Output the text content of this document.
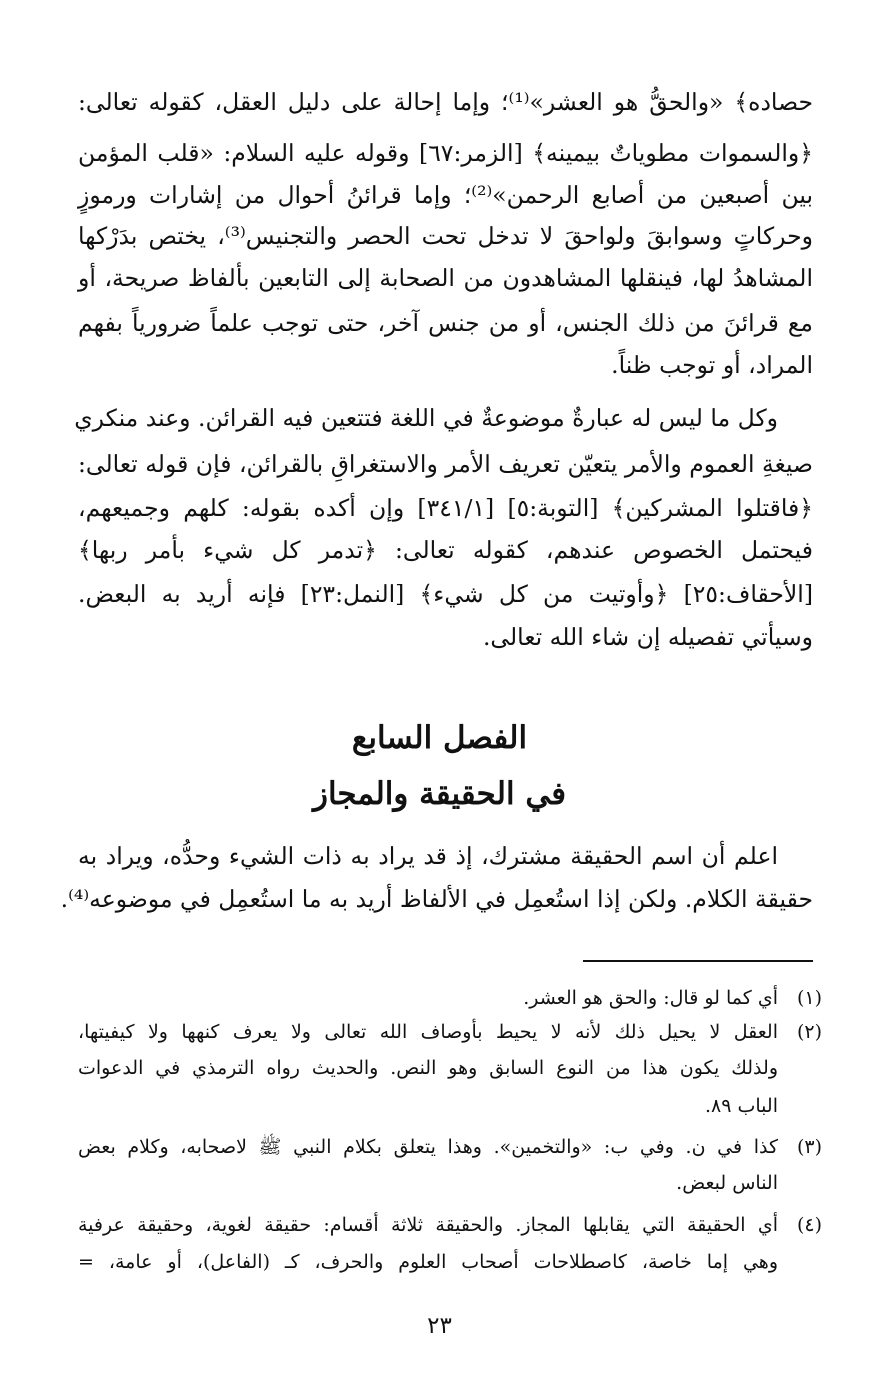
حصاده﴾ «والحقُّ هو العشر»⁽¹⁾؛ وإما إحالة على دليل العقل، كقوله تعالى:
﴿والسموات مطوياتٌ بيمينه﴾ [الزمر:٦٧] وقوله عليه السلام: «قلب المؤمن
بين أصبعين من أصابع الرحمن»⁽²⁾؛ وإما قرائنُ أحوال من إشارات ورموزٍ
وحركاتٍ وسوابقَ ولواحقَ لا تدخل تحت الحصر والتجنيس⁽³⁾، يختص بدَرْكها
المشاهدُ لها، فينقلها المشاهدون من الصحابة إلى التابعين بألفاظ صريحة، أو
مع قرائنَ من ذلك الجنس، أو من جنس آخر، حتى توجب علماً ضرورياً بفهم
المراد، أو توجب ظناً.
وكل ما ليس له عبارةٌ موضوعةٌ في اللغة فتتعين فيه القرائن. وعند منكري
صيغةِ العموم والأمر يتعيّن تعريف الأمر والاستغراقِ بالقرائن، فإن قوله تعالى:
﴿فاقتلوا المشركين﴾ [التوبة:٥] [٣٤١/١] وإن أكده بقوله: كلهم وجميعهم،
فيحتمل الخصوص عندهم، كقوله تعالى: ﴿تدمر كل شيء بأمر ربها﴾
[الأحقاف:٢٥] ﴿وأوتيت من كل شيء﴾ [النمل:٢٣] فإنه أريد به البعض.
وسيأتي تفصيله إن شاء الله تعالى.
الفصل السابع
في الحقيقة والمجاز
اعلم أن اسم الحقيقة مشترك، إذ قد يراد به ذات الشيء وحدُّه، ويراد به
حقيقة الكلام. ولكن إذا استُعمِل في الألفاظ أريد به ما استُعمِل في موضوعه⁽⁴⁾.
(١)
أي كما لو قال: والحق هو العشر.
(٢)
العقل لا يحيل ذلك لأنه لا يحيط بأوصاف الله تعالى ولا يعرف كنهها ولا كيفيتها،
ولذلك يكون هذا من النوع السابق وهو النص. والحديث رواه الترمذي في الدعوات
الباب ٨٩.
(٣)
كذا في ن. وفي ب: «والتخمين». وهذا يتعلق بكلام النبي ﷺ لاصحابه، وكلام بعض
الناس لبعض.
(٤)
أي الحقيقة التي يقابلها المجاز. والحقيقة ثلاثة أقسام: حقيقة لغوية، وحقيقة عرفية
وهي إما خاصة، كاصطلاحات أصحاب العلوم والحرف، كـ (الفاعل)، أو عامة، =
٢٣
